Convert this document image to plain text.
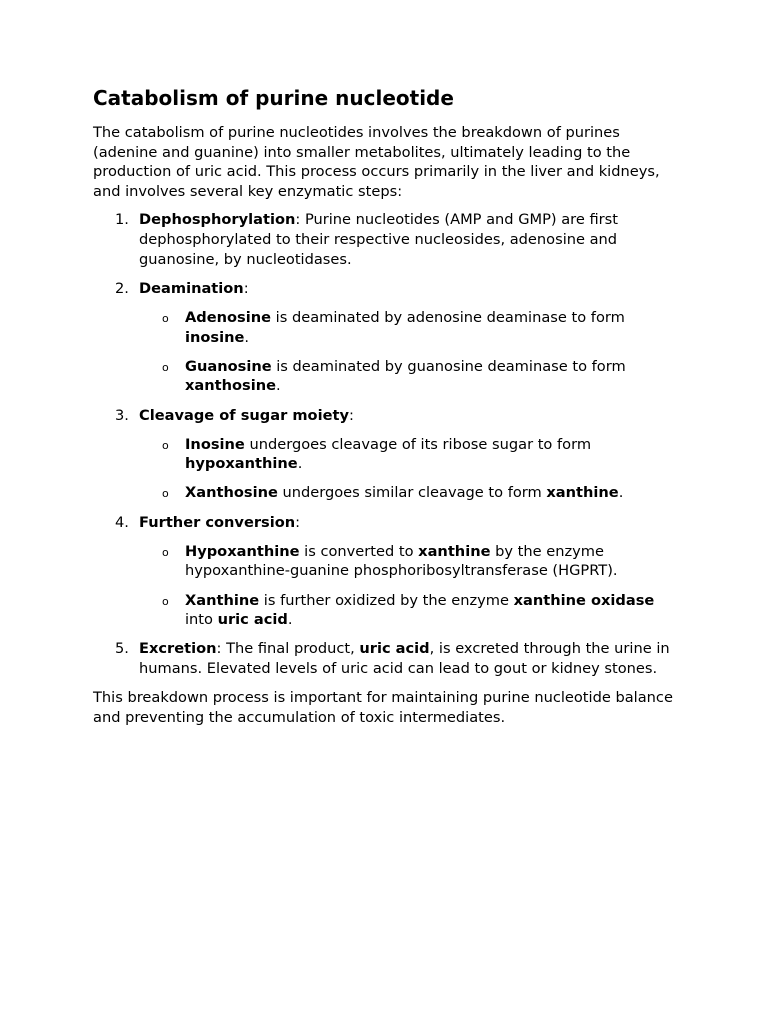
Catabolism of purine nucleotide

The catabolism of purine nucleotides involves the breakdown of purines (adenine and guanine) into smaller metabolites, ultimately leading to the production of uric acid. This process occurs primarily in the liver and kidneys, and involves several key enzymatic steps:

1. Dephosphorylation: Purine nucleotides (AMP and GMP) are first dephosphorylated to their respective nucleosides, adenosine and guanosine, by nucleotidases.
2. Deamination:
o Adenosine is deaminated by adenosine deaminase to form inosine.
o Guanosine is deaminated by guanosine deaminase to form xanthosine.
3. Cleavage of sugar moiety:
o Inosine undergoes cleavage of its ribose sugar to form hypoxanthine.
o Xanthosine undergoes similar cleavage to form xanthine.
4. Further conversion:
o Hypoxanthine is converted to xanthine by the enzyme hypoxanthine-guanine phosphoribosyltransferase (HGPRT).
o Xanthine is further oxidized by the enzyme xanthine oxidase into uric acid.
5. Excretion: The final product, uric acid, is excreted through the urine in humans. Elevated levels of uric acid can lead to gout or kidney stones.

This breakdown process is important for maintaining purine nucleotide balance and preventing the accumulation of toxic intermediates.
